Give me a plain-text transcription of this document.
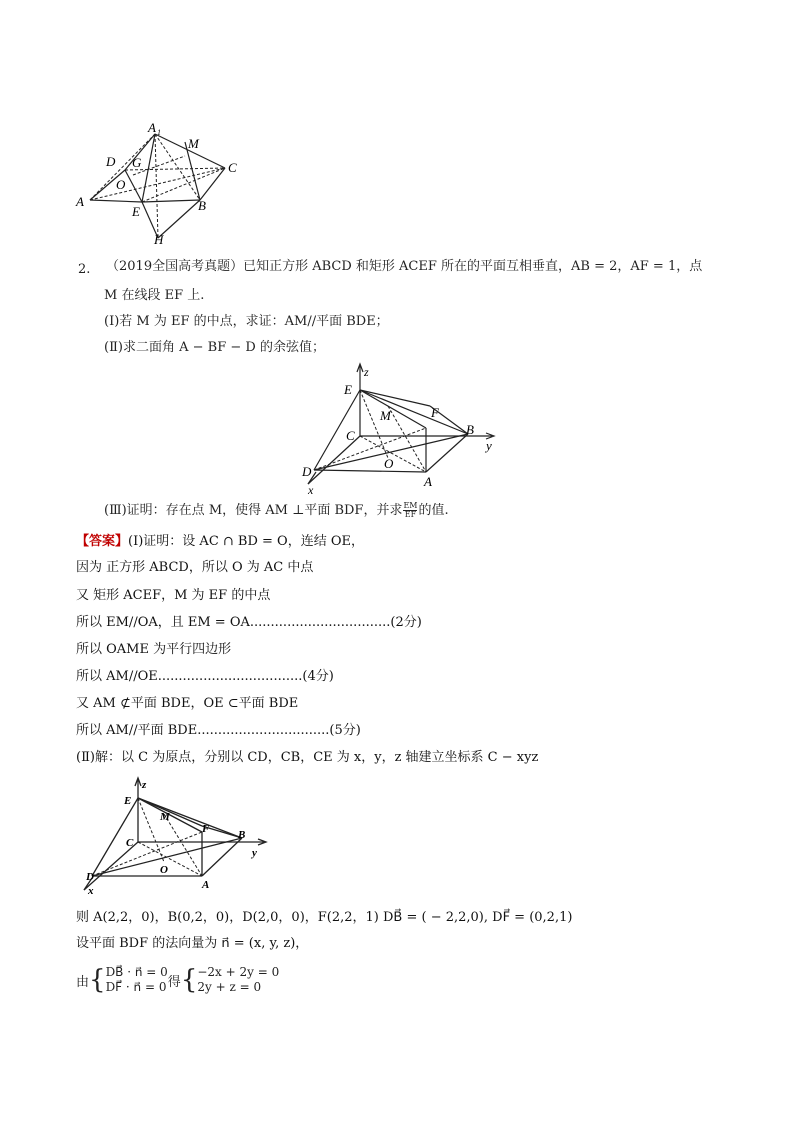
A 1
M
D G	C
O
A
E	B
H
2. （2019全国高考真题）已知正方形 ABCD 和矩形 ACEF 所在的平面互相垂直，AB = 2，AF = 1，点
M 在线段 EF 上.
(Ⅰ)若 M 为 EF 的中点，求证：AM//平面 BDE；
(Ⅱ)求二面角 A − BF − D 的余弦值；
E
z
F
M
C	B
y
O
D
A
x
(Ⅲ)证明：存在点 M，使得 AM ⊥平面 BDF，并求 $\frac{EM}{EF}$ 的值.
【答案】(Ⅰ)证明：设 AC ∩ BD = O，连结 OE，
因为 正方形 ABCD，所以 O 为 AC 中点
又 矩形 ACEF，M 为 EF 的中点
所以 EM//OA，且 EM = OA..................................(2分)
所以 OAME 为平行四边形
所以 AM//OE...................................(4分)
又 AM ⊄平面 BDE，OE ⊂平面 BDE
所以 AM//平面 BDE................................(5分)
(Ⅱ)解：以 C 为原点，分别以 CD，CB，CE 为 x，y，z 轴建立坐标系 C − xyz
E
z
M
F	B
C
y
O
D
A
x
则 A(2,2，0)，B(0,2，0)，D(2,0，0)，F(2,2，1) DB⃗ = ( − 2,2,0), DF⃗ = (0,2,1)
设平面 BDF 的法向量为 n⃗ = (x, y, z)，
由 { DB⃗ · n⃗ = 0
DF⃗ · n⃗ = 0 得 { −2x + 2y = 0
2y + z = 0
